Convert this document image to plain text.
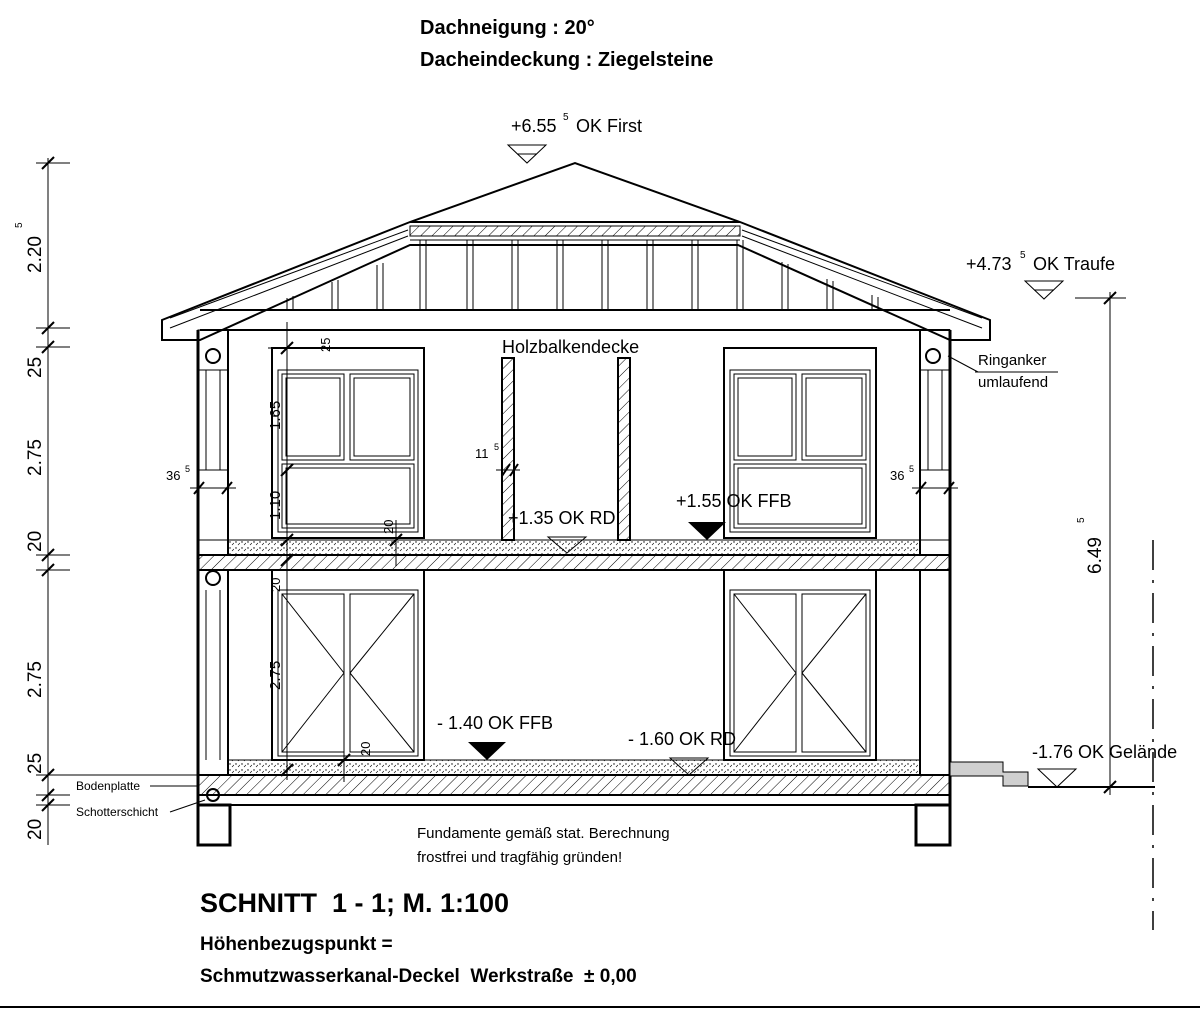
Dachneigung : 20°
Dacheindeckung : Ziegelsteine
25
1.65
1.10
20
20
2.75
20
11 5
36 5	36 5
2.20
5
25
2.75
20
2.75
25
20
Bodenplatte
Schotterschicht
6.49
5
+6.55 5 OK First
+4.73 5 OK Traufe
+1.35 OK RD
+1.55 OK FFB
- 1.40 OK FFB
- 1.60 OK RD
-1.76 OK Gelände
Holzbalkendecke
Ringanker
umlaufend
Fundamente gemäß stat. Berechnung
frostfrei und tragfähig gründen!
SCHNITT  1 - 1; M. 1:100
Höhenbezugspunkt =
Schmutzwasserkanal-Deckel  Werkstraße  ± 0,00
